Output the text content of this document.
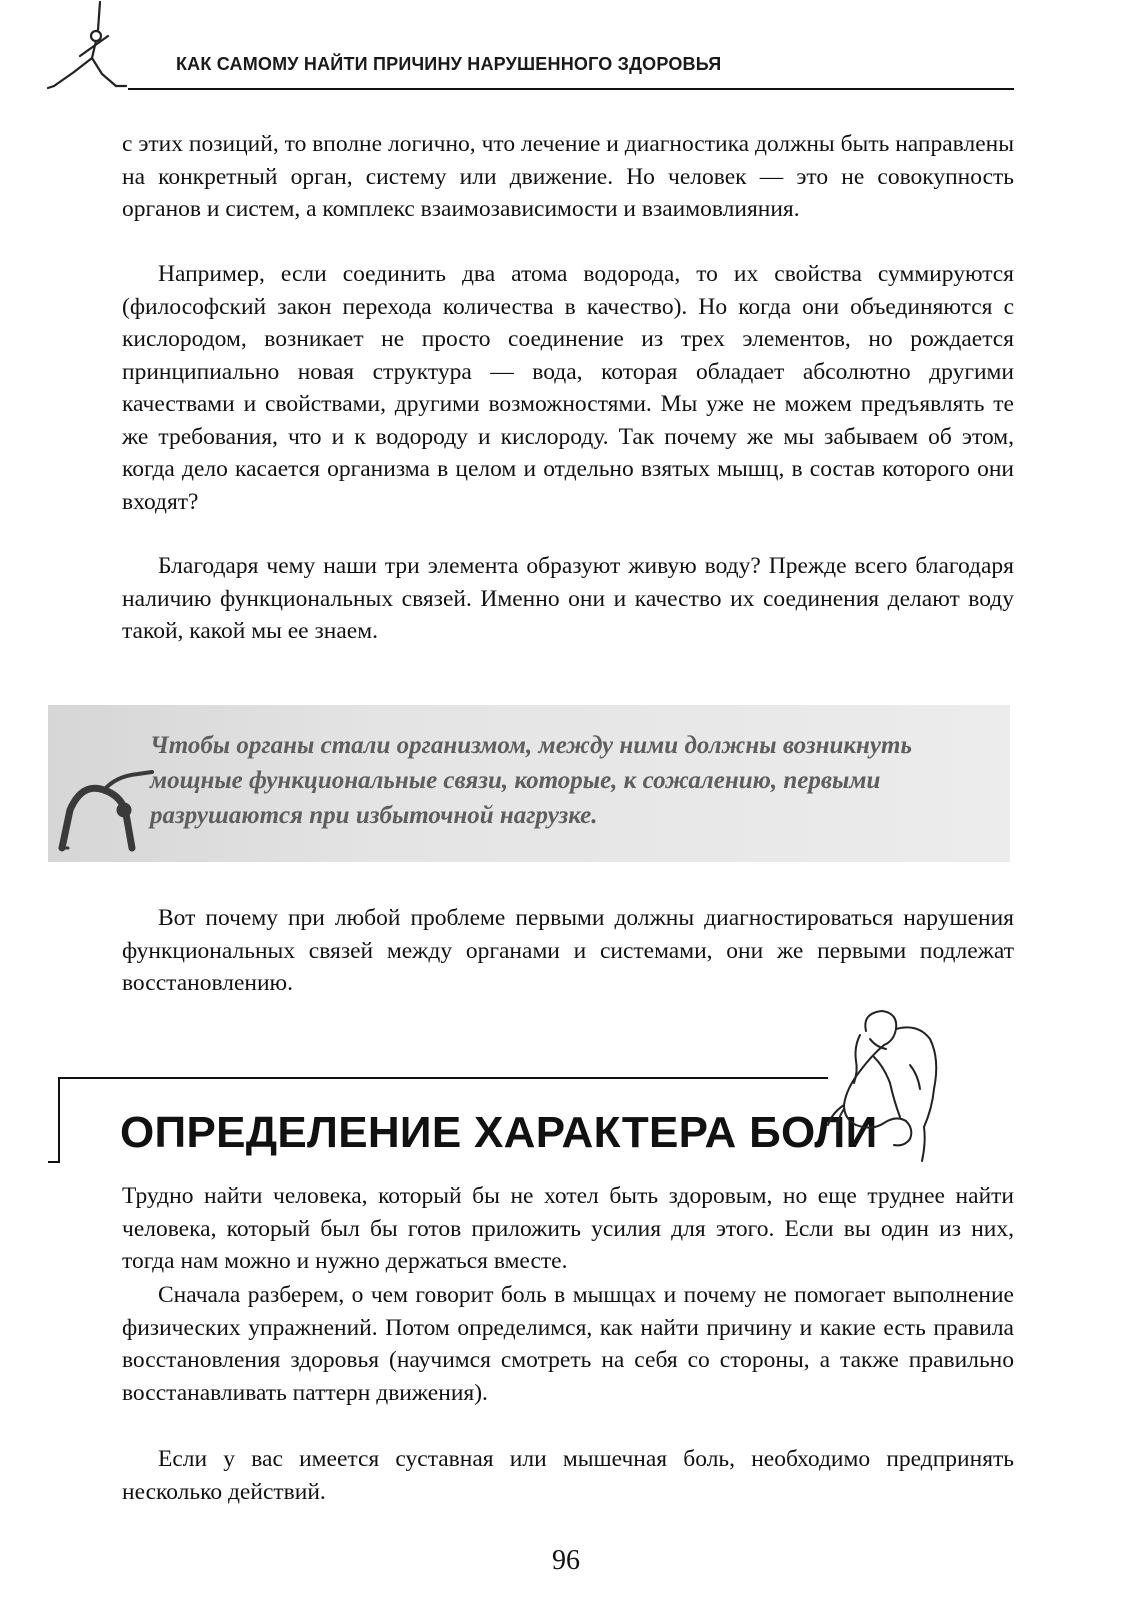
КАК САМОМУ НАЙТИ ПРИЧИНУ НАРУШЕННОГО ЗДОРОВЬЯ

с этих позиций, то вполне логично, что лечение и диагностика должны быть направлены на конкретный орган, систему или движение. Но человек — это не совокупность органов и систем, а комплекс взаимозависимости и взаимовлияния.

Например, если соединить два атома водорода, то их свойства суммируются (философский закон перехода количества в качество). Но когда они объединяются с кислородом, возникает не просто соединение из трех элементов, но рождается принципиально новая структура — вода, которая обладает абсолютно другими качествами и свойствами, другими возможностями. Мы уже не можем предъявлять те же требования, что и к водороду и кислороду. Так почему же мы забываем об этом, когда дело касается организма в целом и отдельно взятых мышц, в состав которого они входят?

Благодаря чему наши три элемента образуют живую воду? Прежде всего благодаря наличию функциональных связей. Именно они и качество их соединения делают воду такой, какой мы ее знаем.

Чтобы органы стали организмом, между ними должны возникнуть мощные функциональные связи, которые, к сожалению, первыми разрушаются при избыточной нагрузке.

Вот почему при любой проблеме первыми должны диагностироваться нарушения функциональных связей между органами и системами, они же первыми подлежат восстановлению.

ОПРЕДЕЛЕНИЕ ХАРАКТЕРА БОЛИ

Трудно найти человека, который бы не хотел быть здоровым, но еще труднее найти человека, который был бы готов приложить усилия для этого. Если вы один из них, тогда нам можно и нужно держаться вместе.

Сначала разберем, о чем говорит боль в мышцах и почему не помогает выполнение физических упражнений. Потом определимся, как найти причину и какие есть правила восстановления здоровья (научимся смотреть на себя со стороны, а также правильно восстанавливать паттерн движения).

Если у вас имеется суставная или мышечная боль, необходимо предпринять несколько действий.

96
